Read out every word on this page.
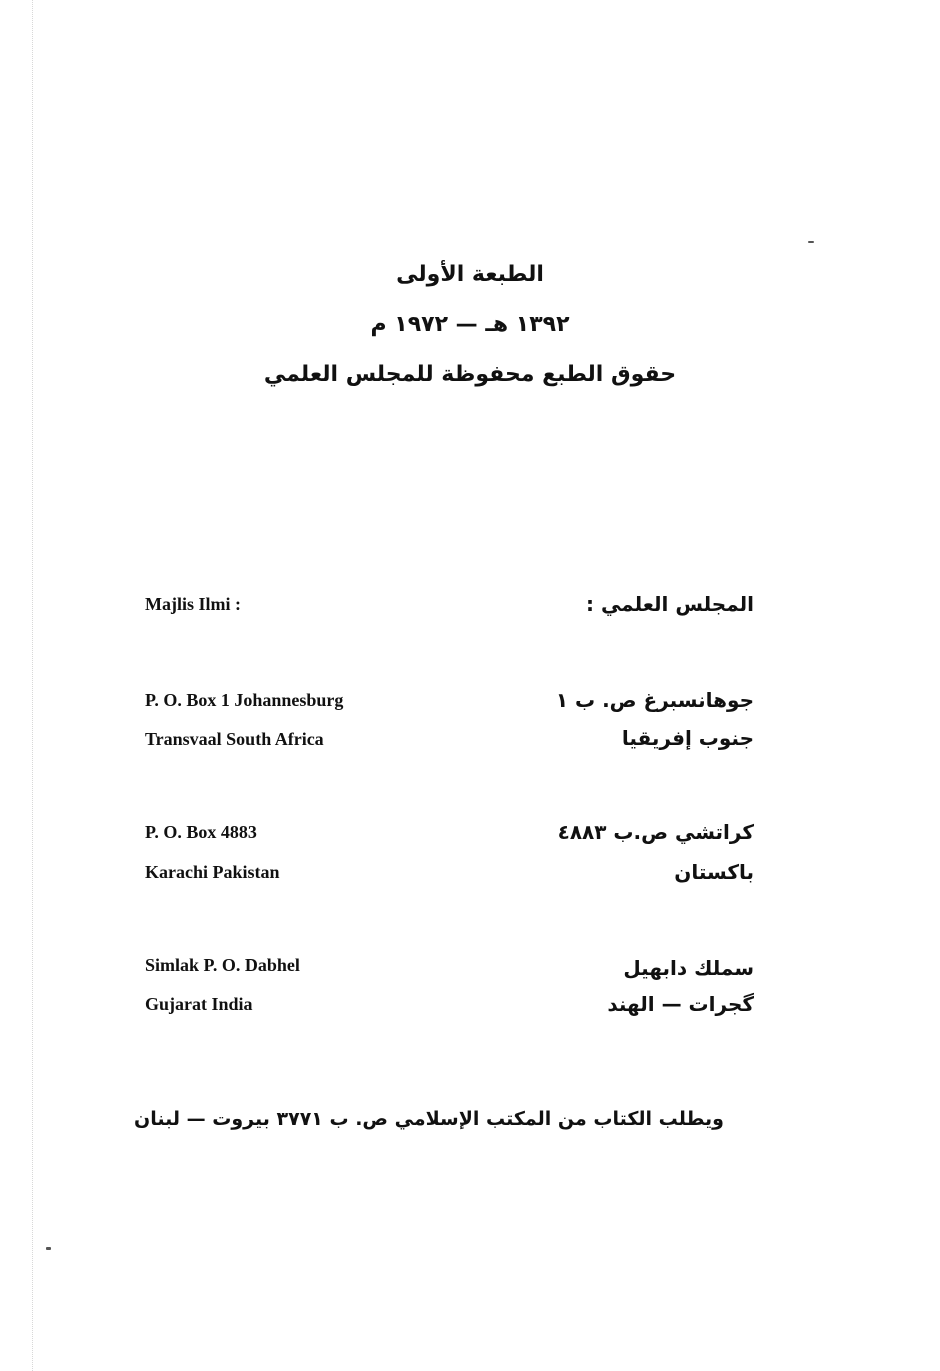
الطبعة الأولى
١٣٩٢ هـ — ١٩٧٢ م
حقوق الطبع محفوظة للمجلس العلمي
Majlis Ilmi :	المجلس العلمي :
P. O. Box 1 Johannesburg
Transvaal South Africa
جوهانسبرغ ص. ب ١
جنوب إفريقيا
P. O. Box 4883
Karachi Pakistan
كراتشي ص.ب ٤٨٨٣
باكستان
Simlak P. O. Dabhel
Gujarat India
سملك دابهيل
گجرات — الهند
ويطلب الكتاب من المكتب الإسلامي ص. ب ٣٧٧١ بيروت — لبنان
